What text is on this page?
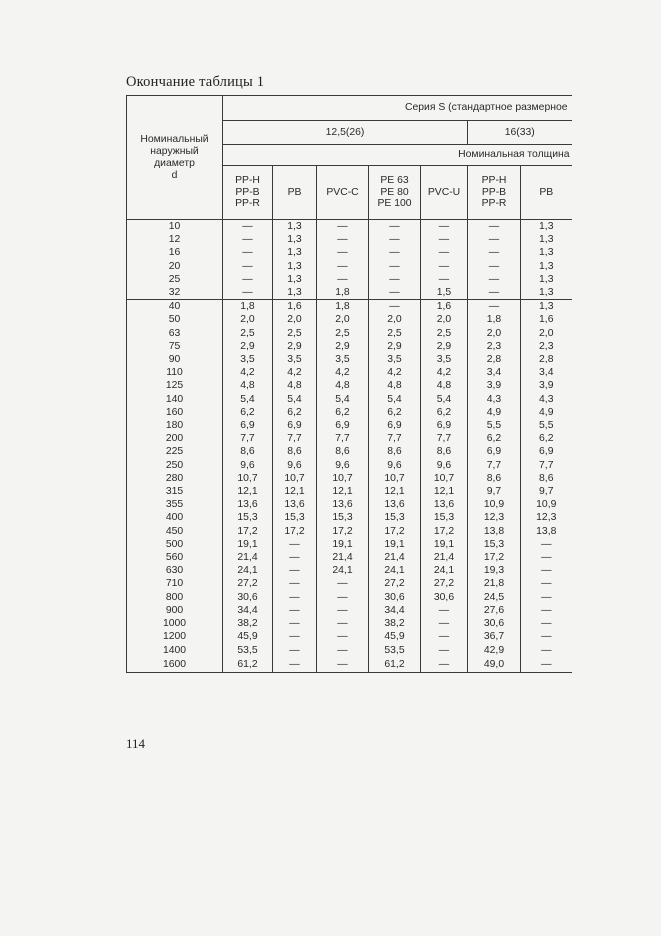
Окончание таблицы 1
Номинальный
наружный
диаметр
d	Серия S (стандартное размерное						
	12,5(26)					16(33)	
	Номинальная толщина						
	PP-H
PP-B
PP-R	PB	PVC-C	PE 63
PE 80
PE 100	PVC-U	PP-H
PP-B
PP-R	PB
10	—	1,3	—	—	—	—	1,3
12	—	1,3	—	—	—	—	1,3
16	—	1,3	—	—	—	—	1,3
20	—	1,3	—	—	—	—	1,3
25	—	1,3	—	—	—	—	1,3
32	—	1,3	1,8	—	1,5	—	1,3
40	1,8	1,6	1,8	—	1,6	—	1,3
50	2,0	2,0	2,0	2,0	2,0	1,8	1,6
63	2,5	2,5	2,5	2,5	2,5	2,0	2,0
75	2,9	2,9	2,9	2,9	2,9	2,3	2,3
90	3,5	3,5	3,5	3,5	3,5	2,8	2,8
110	4,2	4,2	4,2	4,2	4,2	3,4	3,4
125	4,8	4,8	4,8	4,8	4,8	3,9	3,9
140	5,4	5,4	5,4	5,4	5,4	4,3	4,3
160	6,2	6,2	6,2	6,2	6,2	4,9	4,9
180	6,9	6,9	6,9	6,9	6,9	5,5	5,5
200	7,7	7,7	7,7	7,7	7,7	6,2	6,2
225	8,6	8,6	8,6	8,6	8,6	6,9	6,9
250	9,6	9,6	9,6	9,6	9,6	7,7	7,7
280	10,7	10,7	10,7	10,7	10,7	8,6	8,6
315	12,1	12,1	12,1	12,1	12,1	9,7	9,7
355	13,6	13,6	13,6	13,6	13,6	10,9	10,9
400	15,3	15,3	15,3	15,3	15,3	12,3	12,3
450	17,2	17,2	17,2	17,2	17,2	13,8	13,8
500	19,1	—	19,1	19,1	19,1	15,3	—
560	21,4	—	21,4	21,4	21,4	17,2	—
630	24,1	—	24,1	24,1	24,1	19,3	—
710	27,2	—	—	27,2	27,2	21,8	—
800	30,6	—	—	30,6	30,6	24,5	—
900	34,4	—	—	34,4	—	27,6	—
1000	38,2	—	—	38,2	—	30,6	—
1200	45,9	—	—	45,9	—	36,7	—
1400	53,5	—	—	53,5	—	42,9	—
1600	61,2	—	—	61,2	—	49,0	—
114
